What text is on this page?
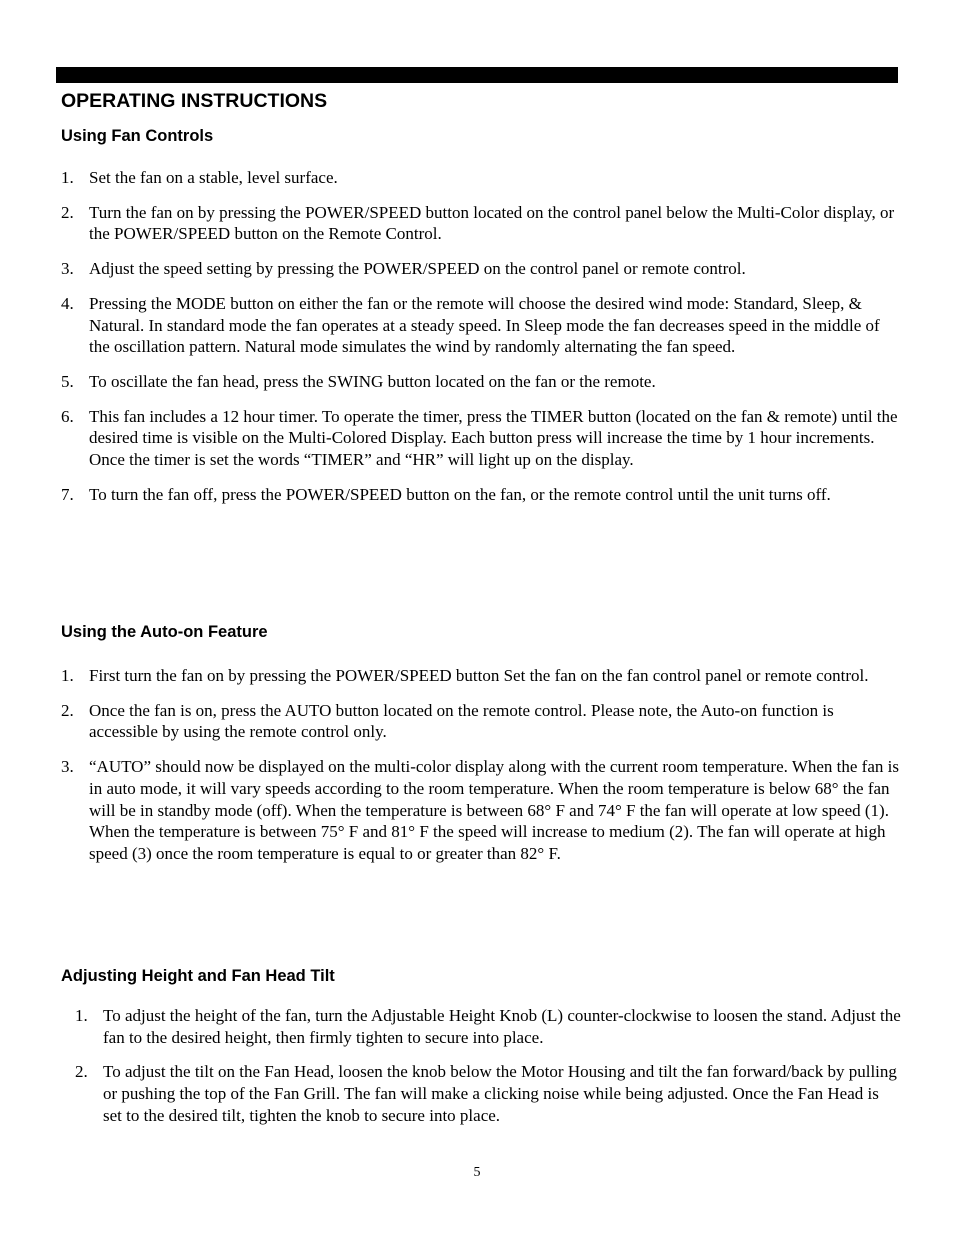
OPERATING INSTRUCTIONS
Using Fan Controls
1. Set the fan on a stable, level surface.
2. Turn the fan on by pressing the POWER/SPEED button located on the control panel below the Multi-Color display, or the POWER/SPEED button on the Remote Control.
3. Adjust the speed setting by pressing the POWER/SPEED on the control panel or remote control.
4. Pressing the MODE button on either the fan or the remote will choose the desired wind mode: Standard, Sleep, & Natural. In standard mode the fan operates at a steady speed. In Sleep mode the fan decreases speed in the middle of the oscillation pattern. Natural mode simulates the wind by randomly alternating the fan speed.
5. To oscillate the fan head, press the SWING button located on the fan or the remote.
6. This fan includes a 12 hour timer. To operate the timer, press the TIMER button (located on the fan & remote) until the desired time is visible on the Multi-Colored Display. Each button press will increase the time by 1 hour increments. Once the timer is set the words “TIMER” and “HR” will light up on the display.
7. To turn the fan off, press the POWER/SPEED button on the fan, or the remote control until the unit turns off.
Using the Auto-on Feature
1. First turn the fan on by pressing the POWER/SPEED button Set the fan on the fan control panel or remote control.
2. Once the fan is on, press the AUTO button located on the remote control. Please note, the Auto-on function is accessible by using the remote control only.
3. “AUTO” should now be displayed on the multi-color display along with the current room temperature. When the fan is in auto mode, it will vary speeds according to the room temperature. When the room temperature is below 68° the fan will be in standby mode (off). When the temperature is between 68° F and 74° F the fan will operate at low speed (1). When the temperature is between 75° F and 81° F the speed will increase to medium (2). The fan will operate at high speed (3) once the room temperature is equal to or greater than 82° F.
Adjusting Height and Fan Head Tilt
1. To adjust the height of the fan, turn the Adjustable Height Knob (L) counter-clockwise to loosen the stand. Adjust the fan to the desired height, then firmly tighten to secure into place.
2. To adjust the tilt on the Fan Head, loosen the knob below the Motor Housing and tilt the fan forward/back by pulling or pushing the top of the Fan Grill. The fan will make a clicking noise while being adjusted. Once the Fan Head is set to the desired tilt, tighten the knob to secure into place.
5
